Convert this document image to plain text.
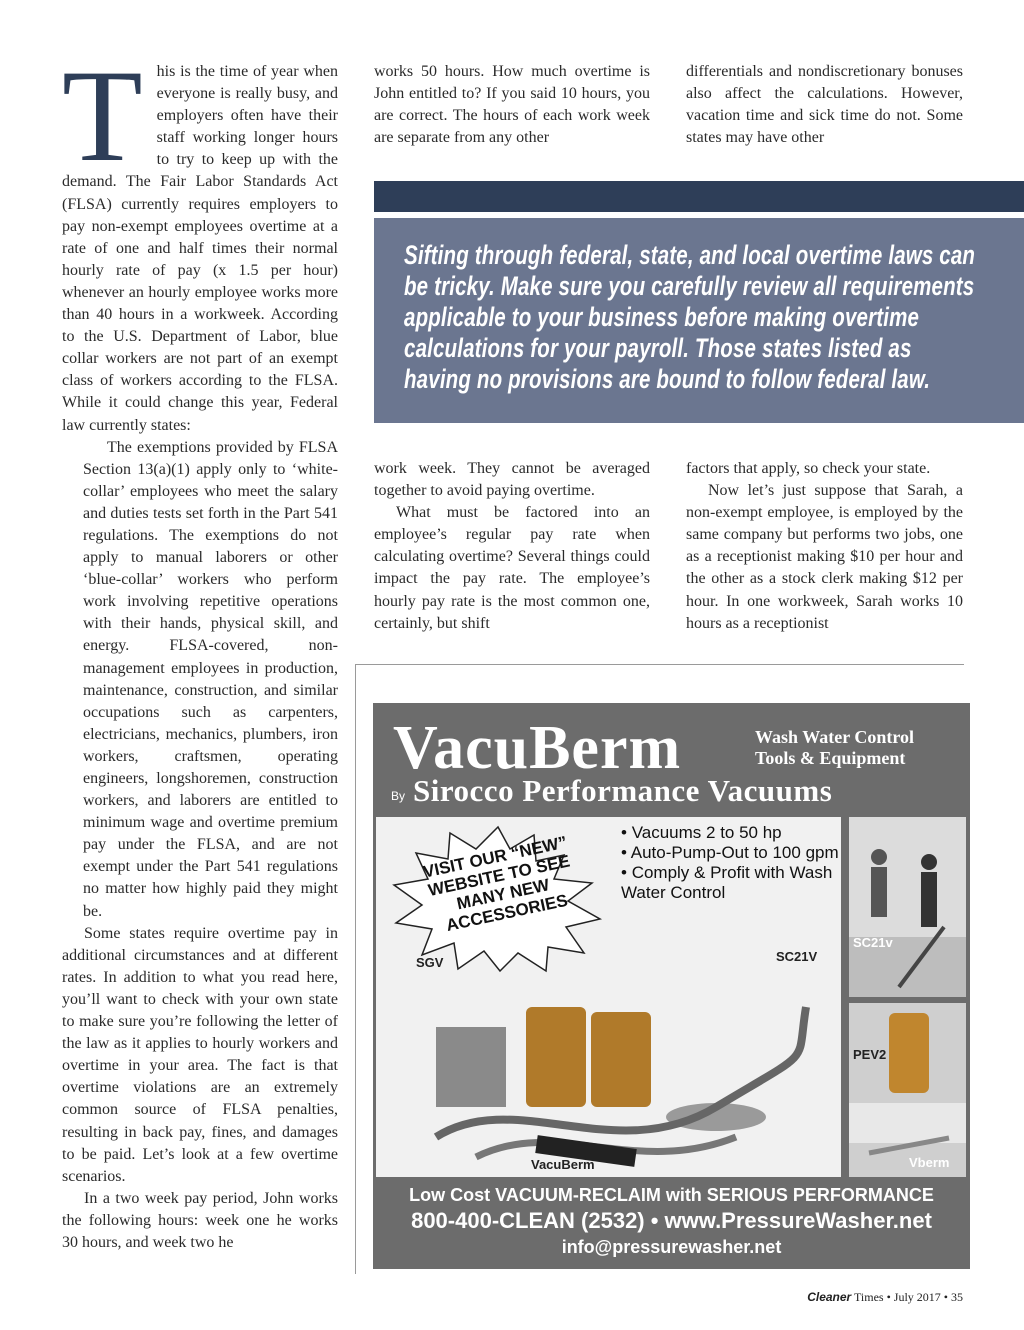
T his is the time of year when everyone is really busy, and employers often have their staff working longer hours to try to keep up with the demand. The Fair Labor Standards Act (FLSA) currently requires employers to pay non-exempt employees overtime at a rate of one and half times their normal hourly rate of pay (x 1.5 per hour) whenever an hourly employee works more than 40 hours in a workweek. According to the U.S. Department of Labor, blue collar workers are not part of an exempt class of workers according to the FLSA. While it could change this year, Federal law currently states:

The exemptions provided by FLSA Section 13(a)(1) apply only to ‘white-collar’ employees who meet the salary and duties tests set forth in the Part 541 regulations. The exemptions do not apply to manual laborers or other ‘blue-collar’ workers who perform work involving repetitive operations with their hands, physical skill, and energy. FLSA-covered, non-management employees in production, maintenance, construction, and similar occupations such as carpenters, electricians, mechanics, plumbers, iron workers, craftsmen, operating engineers, longshoremen, construction workers, and laborers are entitled to minimum wage and overtime premium pay under the FLSA, and are not exempt under the Part 541 regulations no matter how highly paid they might be.

Some states require overtime pay in additional circumstances and at different rates. In addition to what you read here, you’ll want to check with your own state to make sure you’re following the letter of the law as it applies to hourly workers and overtime in your area. The fact is that overtime violations are an extremely common source of FLSA penalties, resulting in back pay, fines, and damages to be paid. Let’s look at a few overtime scenarios.

In a two week pay period, John works the following hours: week one he works 30 hours, and week two he

works 50 hours. How much overtime is John entitled to? If you said 10 hours, you are correct. The hours of each work week are separate from any other

differentials and nondiscretionary bonuses also affect the calculations. However, vacation time and sick time do not. Some states may have other

Sifting through federal, state, and local overtime laws can be tricky. Make sure you carefully review all requirements applicable to your business before making overtime calculations for your payroll. Those states listed as having no provisions are bound to follow federal law.

work week. They cannot be averaged together to avoid paying overtime.

What must be factored into an employee’s regular pay rate when calculating overtime? Several things could impact the pay rate. The employee’s hourly pay rate is the most common one, certainly, but shift

factors that apply, so check your state.

Now let’s just suppose that Sarah, a non-exempt employee, is employed by the same company but performs two jobs, one as a receptionist making $10 per hour and the other as a stock clerk making $12 per hour. In one workweek, Sarah works 10 hours as a receptionist

VacuBerm	Wash Water Control
Tools & Equipment
By Sirocco Performance Vacuums
VISIT OUR “NEW” WEBSITE TO SEE MANY NEW ACCESSORIES
• Vacuums 2 to 50 hp
• Auto-Pump-Out to 100 gpm
• Comply & Profit with Wash Water Control
SGV	SC21V
VacuBerm
SC21v
PEV2
Vberm
Low Cost VACUUM-RECLAIM with SERIOUS PERFORMANCE
800-400-CLEAN (2532) • www.PressureWasher.net
info@pressurewasher.net
Cleaner Times • July 2017 • 35
